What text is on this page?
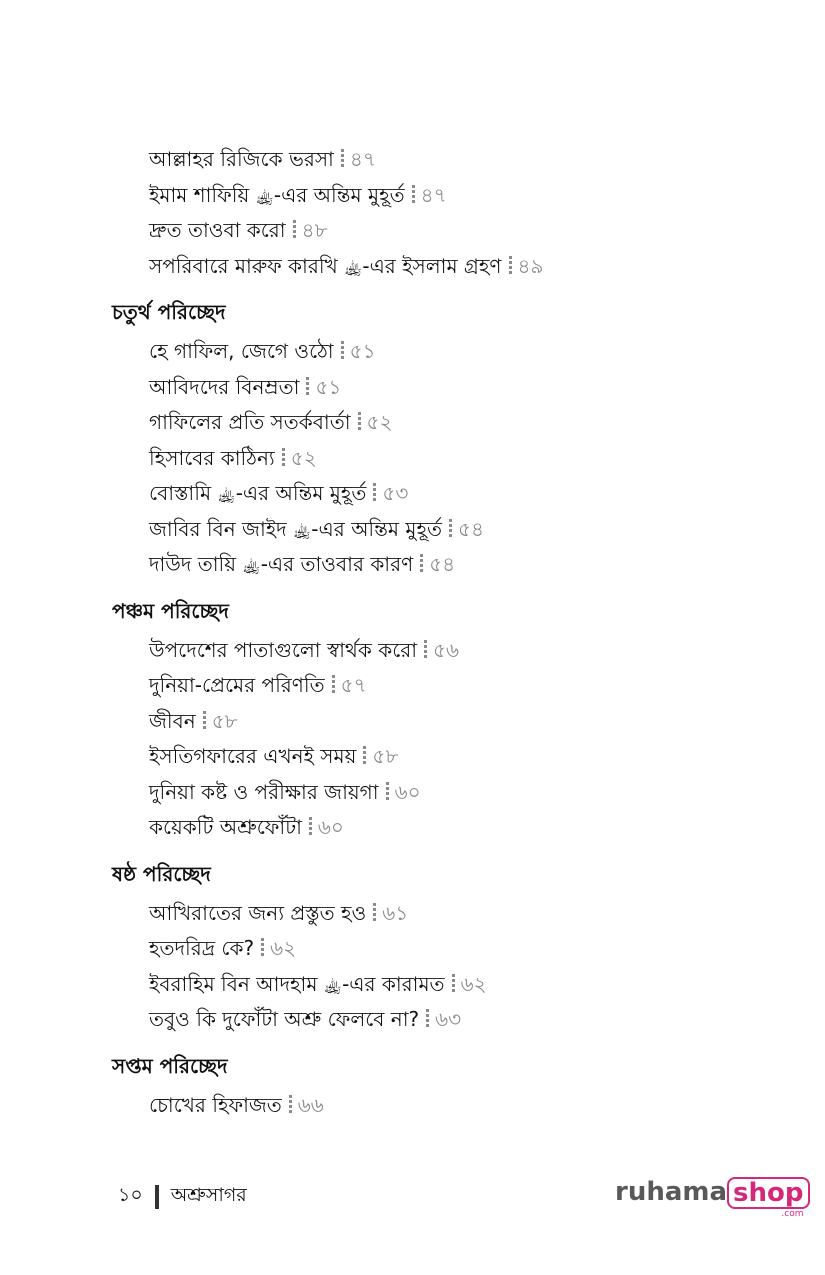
আল্লাহর রিজিকে ভরসা ৪৭
ইমাম শাফিয়ি ﵀-এর অন্তিম মুহূর্ত ৪৭
দ্রুত তাওবা করো ৪৮
সপরিবারে মারুফ কারখি ﵀-এর ইসলাম গ্রহণ ৪৯
চতুর্থ পরিচ্ছেদ
হে গাফিল, জেগে ওঠো ৫১
আবিদদের বিনম্রতা ৫১
গাফিলের প্রতি সতর্কবার্তা ৫২
হিসাবের কাঠিন্য ৫২
বোস্তামি ﵀-এর অন্তিম মুহূর্ত ৫৩
জাবির বিন জাইদ ﵀-এর অন্তিম মুহূর্ত ৫৪
দাউদ তায়ি ﵀-এর তাওবার কারণ ৫৪
পঞ্চম পরিচ্ছেদ
উপদেশের পাতাগুলো স্বার্থক করো ৫৬
দুনিয়া-প্রেমের পরিণতি ৫৭
জীবন ৫৮
ইসতিগফারের এখনই সময় ৫৮
দুনিয়া কষ্ট ও পরীক্ষার জায়গা ৬০
কয়েকটি অশ্রুফোঁটা ৬০
ষষ্ঠ পরিচ্ছেদ
আখিরাতের জন্য প্রস্তুত হও ৬১
হতদরিদ্র কে? ৬২
ইবরাহিম বিন আদহাম ﵀-এর কারামত ৬২
তবুও কি দুফোঁটা অশ্রু ফেলবে না? ৬৩
সপ্তম পরিচ্ছেদ
চোখের হিফাজত ৬৬
১০ অশ্রুসাগর	ruhama shop
.com
